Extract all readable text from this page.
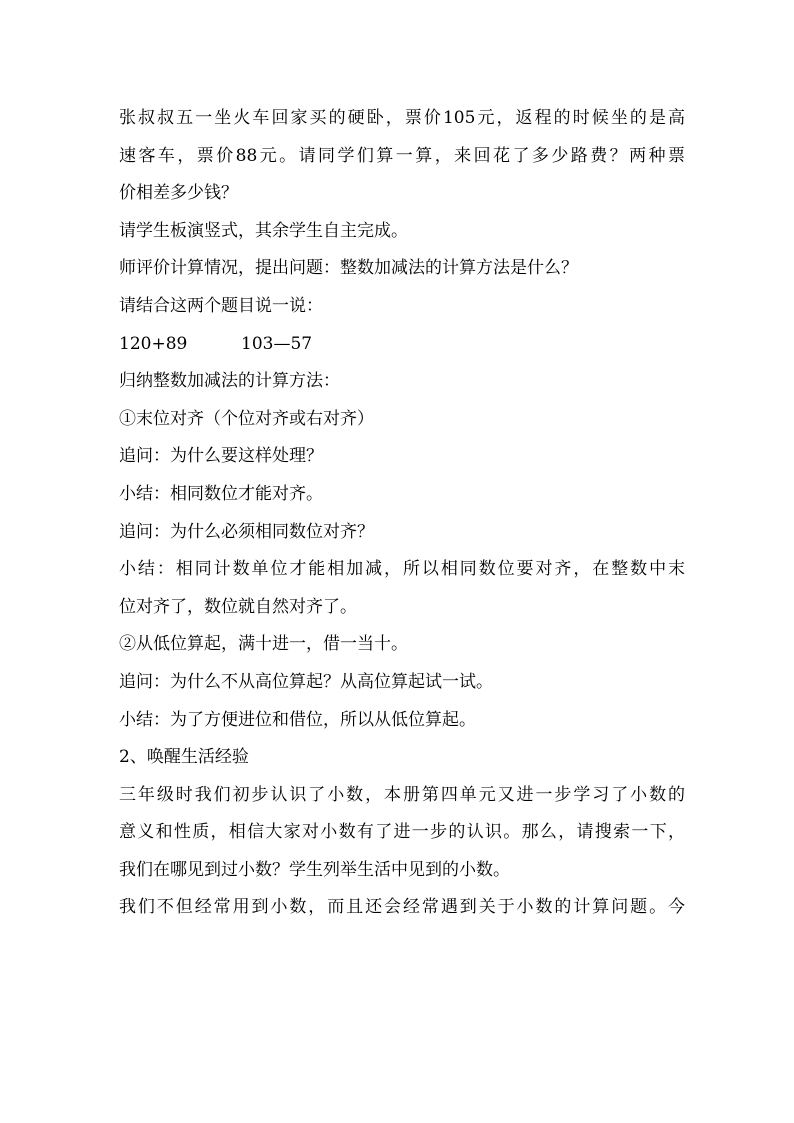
张叔叔五一坐火车回家买的硬卧，票价105元，返程的时候坐的是高
速客车，票价88元。请同学们算一算，来回花了多少路费？两种票
价相差多少钱？
请学生板演竖式，其余学生自主完成。
师评价计算情况，提出问题：整数加减法的计算方法是什么？
请结合这两个题目说一说：
120+89	103—57
归纳整数加减法的计算方法：
①末位对齐（个位对齐或右对齐）
追问：为什么要这样处理？
小结：相同数位才能对齐。
追问：为什么必须相同数位对齐？
小结：相同计数单位才能相加减，所以相同数位要对齐，在整数中末
位对齐了，数位就自然对齐了。
②从低位算起，满十进一，借一当十。
追问：为什么不从高位算起？从高位算起试一试。
小结：为了方便进位和借位，所以从低位算起。
2、唤醒生活经验
三年级时我们初步认识了小数，本册第四单元又进一步学习了小数的
意义和性质，相信大家对小数有了进一步的认识。那么，请搜索一下，
我们在哪见到过小数？学生列举生活中见到的小数。
我们不但经常用到小数，而且还会经常遇到关于小数的计算问题。今
